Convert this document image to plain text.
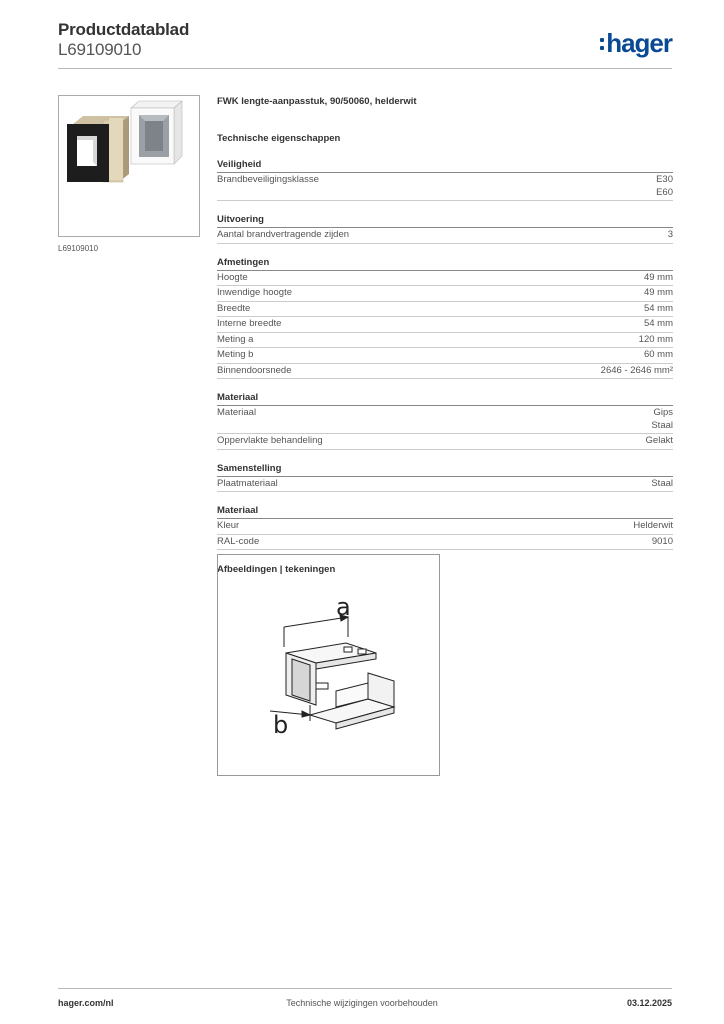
Productdatablad
L69109010	hager
L69109010
FWK lengte-aanpasstuk, 90/50060, helderwit
Technische eigenschappen
Veiligheid
Brandbeveiligingsklasse	E30
E60
Uitvoering
Aantal brandvertragende zijden	3
Afmetingen
Hoogte	49 mm
Inwendige hoogte	49 mm
Breedte	54 mm
Interne breedte	54 mm
Meting a	120 mm
Meting b	60 mm
Binnendoorsnede	2646 - 2646 mm²
Materiaal
Materiaal	Gips
Staal
Oppervlakte behandeling	Gelakt
Samenstelling
Plaatmateriaal	Staal
Materiaal
Kleur	Helderwit
RAL-code	9010
Afbeeldingen | tekeningen
a
b
hager.com/nl	Technische wijzigingen voorbehouden	03.12.2025
